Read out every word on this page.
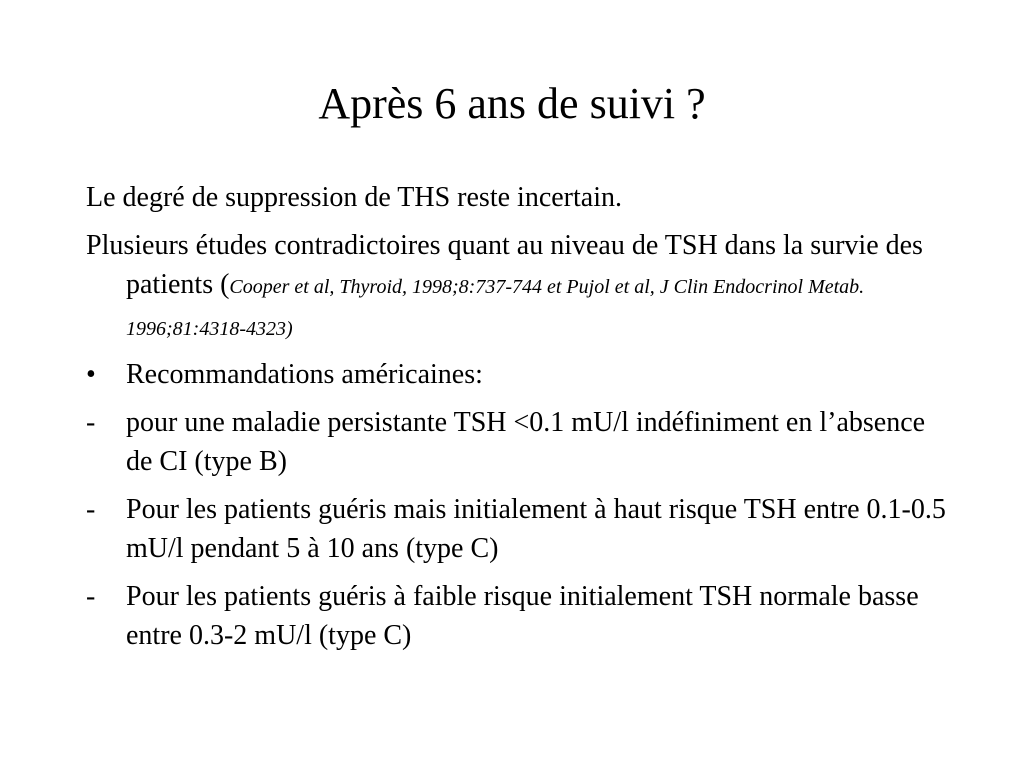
Après 6 ans de suivi ?

Le degré de suppression de THS reste incertain.

Plusieurs études contradictoires quant au niveau de TSH dans la survie des patients (Cooper et al, Thyroid, 1998;8:737-744 et Pujol et al, J Clin Endocrinol Metab. 1996;81:4318-4323)

•	Recommandations américaines:
-	pour une maladie persistante TSH <0.1 mU/l indéfiniment en l’absence de CI (type B)
-	Pour les patients guéris mais initialement à haut risque TSH entre 0.1-0.5 mU/l pendant 5 à 10 ans (type C)
-	Pour les patients guéris à faible risque initialement TSH normale basse entre 0.3-2 mU/l (type C)
